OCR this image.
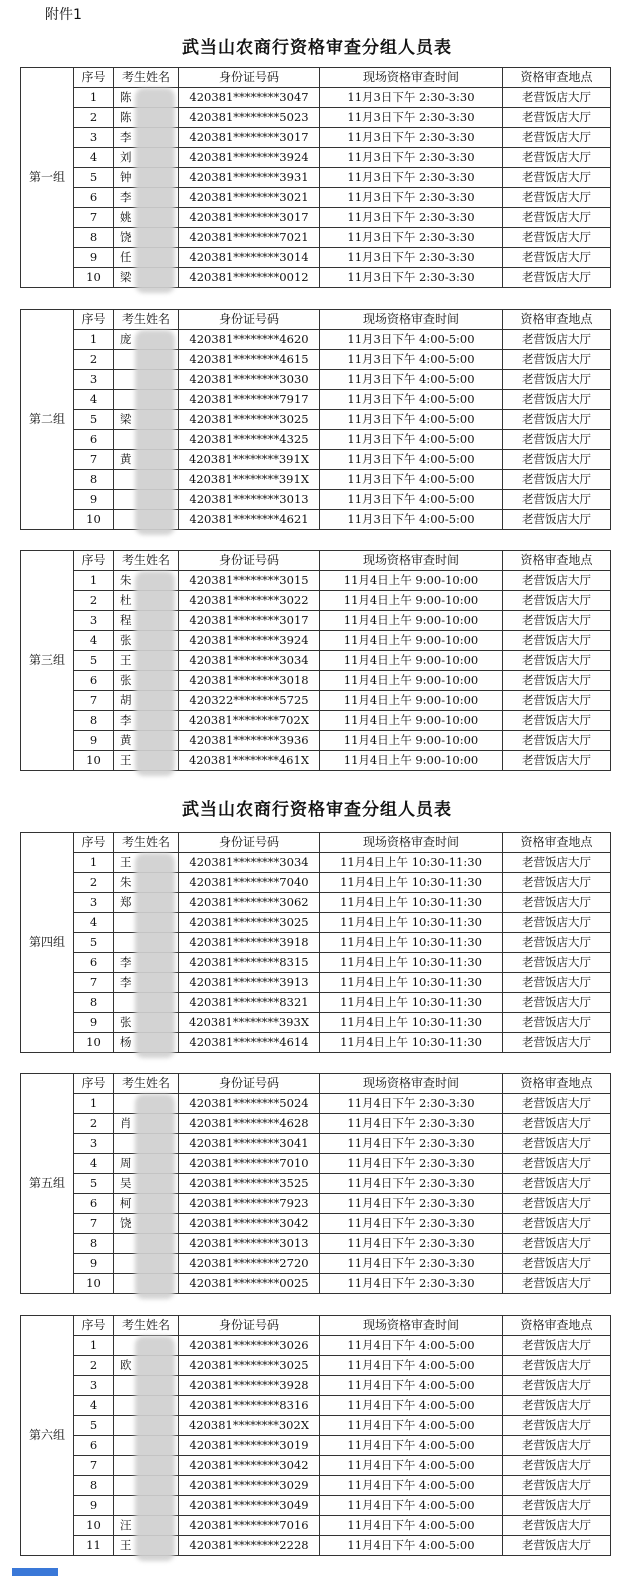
附件1
武当山农商行资格审查分组人员表
武当山农商行资格审查分组人员表
第一组	序号	考生姓名	身份证号码	现场资格审查时间	资格审查地点
	1	陈	420381********3047	11月3日下午 2:30-3:30	老营饭店大厅
	2	陈	420381********5023	11月3日下午 2:30-3:30	老营饭店大厅
	3	李	420381********3017	11月3日下午 2:30-3:30	老营饭店大厅
	4	刘	420381********3924	11月3日下午 2:30-3:30	老营饭店大厅
	5	钟	420381********3931	11月3日下午 2:30-3:30	老营饭店大厅
	6	李	420381********3021	11月3日下午 2:30-3:30	老营饭店大厅
	7	姚	420381********3017	11月3日下午 2:30-3:30	老营饭店大厅
	8	饶	420381********7021	11月3日下午 2:30-3:30	老营饭店大厅
	9	任	420381********3014	11月3日下午 2:30-3:30	老营饭店大厅
	10	梁	420381********0012	11月3日下午 2:30-3:30	老营饭店大厅
第二组	序号	考生姓名	身份证号码	现场资格审查时间	资格审查地点
	1	庞	420381********4620	11月3日下午 4:00-5:00	老营饭店大厅
	2		420381********4615	11月3日下午 4:00-5:00	老营饭店大厅
	3		420381********3030	11月3日下午 4:00-5:00	老营饭店大厅
	4		420381********7917	11月3日下午 4:00-5:00	老营饭店大厅
	5	梁	420381********3025	11月3日下午 4:00-5:00	老营饭店大厅
	6		420381********4325	11月3日下午 4:00-5:00	老营饭店大厅
	7	黄	420381********391X	11月3日下午 4:00-5:00	老营饭店大厅
	8		420381********391X	11月3日下午 4:00-5:00	老营饭店大厅
	9		420381********3013	11月3日下午 4:00-5:00	老营饭店大厅
	10		420381********4621	11月3日下午 4:00-5:00	老营饭店大厅
第三组	序号	考生姓名	身份证号码	现场资格审查时间	资格审查地点
	1	朱	420381********3015	11月4日上午 9:00-10:00	老营饭店大厅
	2	杜	420381********3022	11月4日上午 9:00-10:00	老营饭店大厅
	3	程	420381********3017	11月4日上午 9:00-10:00	老营饭店大厅
	4	张	420381********3924	11月4日上午 9:00-10:00	老营饭店大厅
	5	王	420381********3034	11月4日上午 9:00-10:00	老营饭店大厅
	6	张	420381********3018	11月4日上午 9:00-10:00	老营饭店大厅
	7	胡	420322********5725	11月4日上午 9:00-10:00	老营饭店大厅
	8	李	420381********702X	11月4日上午 9:00-10:00	老营饭店大厅
	9	黄	420381********3936	11月4日上午 9:00-10:00	老营饭店大厅
	10	王	420381********461X	11月4日上午 9:00-10:00	老营饭店大厅
第四组	序号	考生姓名	身份证号码	现场资格审查时间	资格审查地点
	1	王	420381********3034	11月4日上午 10:30-11:30	老营饭店大厅
	2	朱	420381********7040	11月4日上午 10:30-11:30	老营饭店大厅
	3	郑	420381********3062	11月4日上午 10:30-11:30	老营饭店大厅
	4		420381********3025	11月4日上午 10:30-11:30	老营饭店大厅
	5		420381********3918	11月4日上午 10:30-11:30	老营饭店大厅
	6	李	420381********8315	11月4日上午 10:30-11:30	老营饭店大厅
	7	李	420381********3913	11月4日上午 10:30-11:30	老营饭店大厅
	8		420381********8321	11月4日上午 10:30-11:30	老营饭店大厅
	9	张	420381********393X	11月4日上午 10:30-11:30	老营饭店大厅
	10	杨	420381********4614	11月4日上午 10:30-11:30	老营饭店大厅
第五组	序号	考生姓名	身份证号码	现场资格审查时间	资格审查地点
	1		420381********5024	11月4日下午 2:30-3:30	老营饭店大厅
	2	肖	420381********4628	11月4日下午 2:30-3:30	老营饭店大厅
	3		420381********3041	11月4日下午 2:30-3:30	老营饭店大厅
	4	周	420381********7010	11月4日下午 2:30-3:30	老营饭店大厅
	5	吴	420381********3525	11月4日下午 2:30-3:30	老营饭店大厅
	6	柯	420381********7923	11月4日下午 2:30-3:30	老营饭店大厅
	7	饶	420381********3042	11月4日下午 2:30-3:30	老营饭店大厅
	8		420381********3013	11月4日下午 2:30-3:30	老营饭店大厅
	9		420381********2720	11月4日下午 2:30-3:30	老营饭店大厅
	10		420381********0025	11月4日下午 2:30-3:30	老营饭店大厅
第六组	序号	考生姓名	身份证号码	现场资格审查时间	资格审查地点
	1		420381********3026	11月4日下午 4:00-5:00	老营饭店大厅
	2	欧	420381********3025	11月4日下午 4:00-5:00	老营饭店大厅
	3		420381********3928	11月4日下午 4:00-5:00	老营饭店大厅
	4		420381********8316	11月4日下午 4:00-5:00	老营饭店大厅
	5		420381********302X	11月4日下午 4:00-5:00	老营饭店大厅
	6		420381********3019	11月4日下午 4:00-5:00	老营饭店大厅
	7		420381********3042	11月4日下午 4:00-5:00	老营饭店大厅
	8		420381********3029	11月4日下午 4:00-5:00	老营饭店大厅
	9		420381********3049	11月4日下午 4:00-5:00	老营饭店大厅
	10	汪	420381********7016	11月4日下午 4:00-5:00	老营饭店大厅
	11	王	420381********2228	11月4日下午 4:00-5:00	老营饭店大厅
